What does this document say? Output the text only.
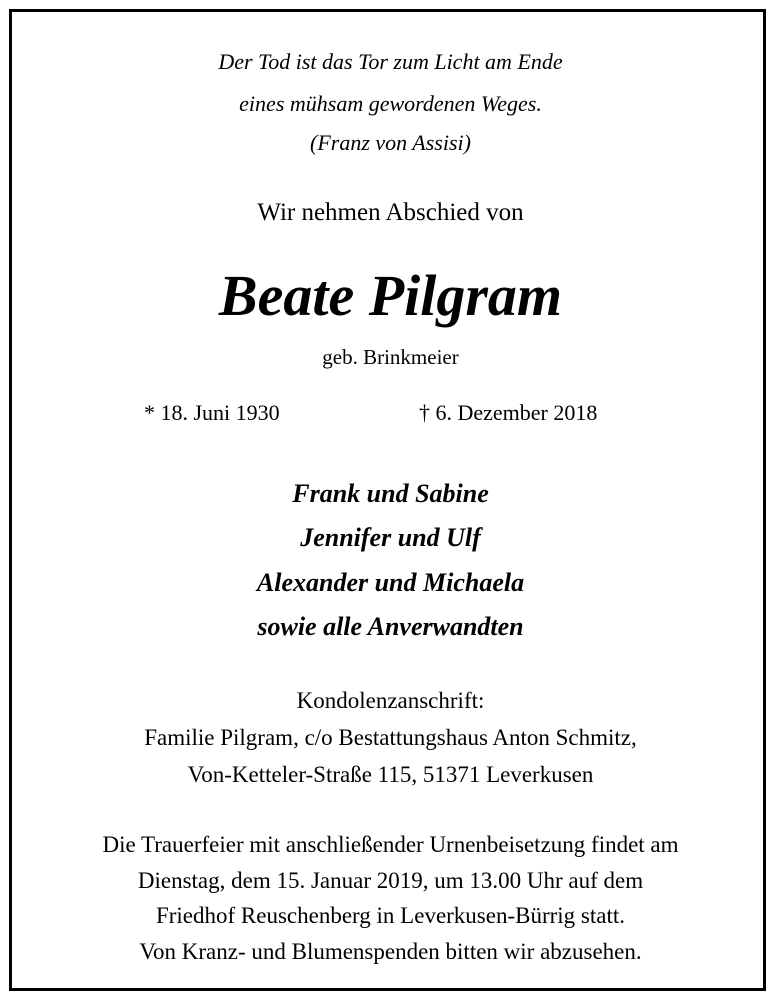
Der Tod ist das Tor zum Licht am Ende
eines mühsam gewordenen Weges.
(Franz von Assisi)
Wir nehmen Abschied von
Beate Pilgram
geb. Brinkmeier
* 18. Juni 1930	† 6. Dezember 2018
Frank und Sabine
Jennifer und Ulf
Alexander und Michaela
sowie alle Anverwandten
Kondolenzanschrift:
Familie Pilgram, c/o Bestattungshaus Anton Schmitz,
Von-Ketteler-Straße 115, 51371 Leverkusen
Die Trauerfeier mit anschließender Urnenbeisetzung findet am
Dienstag, dem 15. Januar 2019, um 13.00 Uhr auf dem
Friedhof Reuschenberg in Leverkusen-Bürrig statt.
Von Kranz- und Blumenspenden bitten wir abzusehen.
